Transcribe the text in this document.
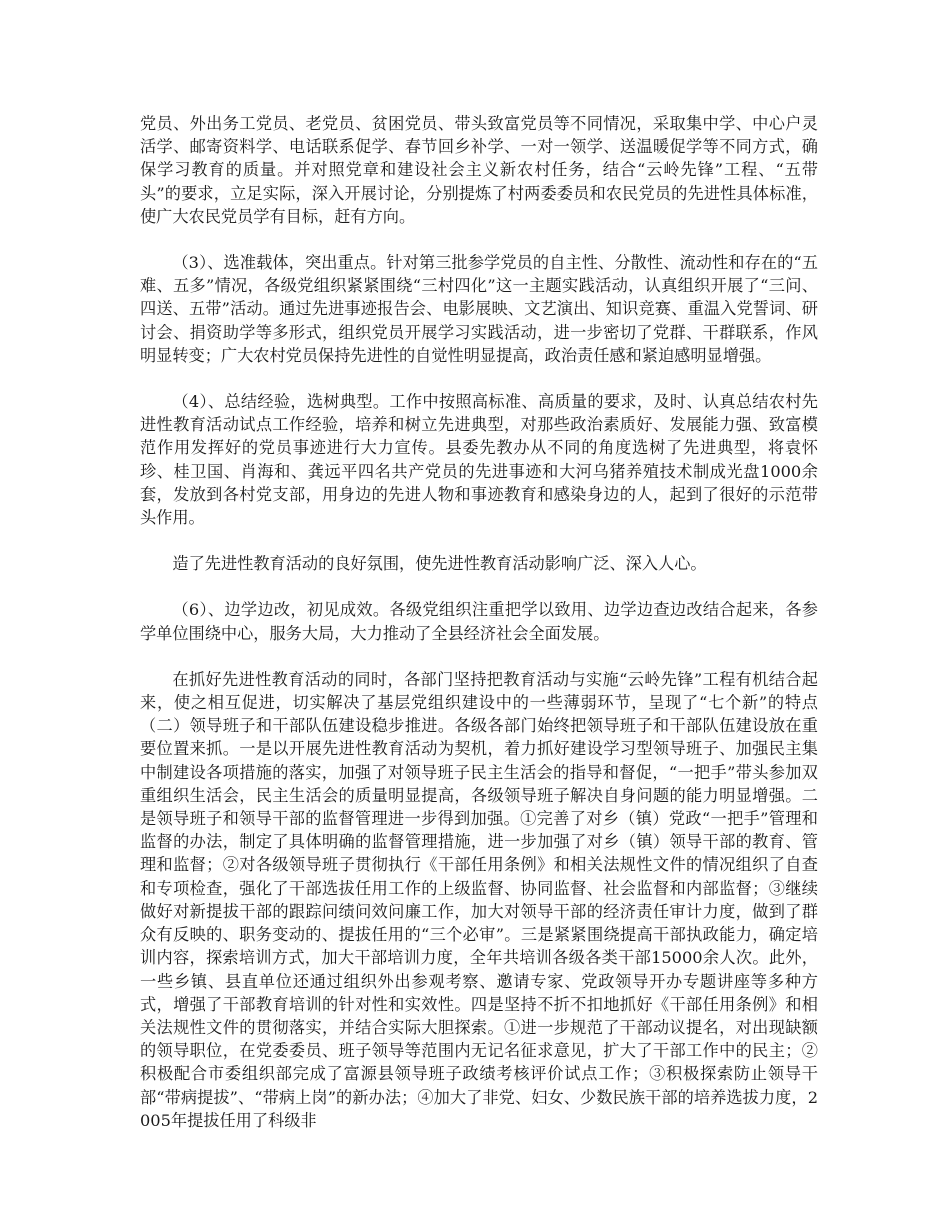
党员、外出务工党员、老党员、贫困党员、带头致富党员等不同情况，采取集中学、中心户灵活学、邮寄资料学、电话联系促学、春节回乡补学、一对一领学、送温暖促学等不同方式，确保学习教育的质量。并对照党章和建设社会主义新农村任务，结合“云岭先锋”工程、“五带头”的要求，立足实际，深入开展讨论，分别提炼了村两委委员和农民党员的先进性具体标准，使广大农民党员学有目标，赶有方向。

（3）、选准载体，突出重点。针对第三批参学党员的自主性、分散性、流动性和存在的“五难、五多”情况，各级党组织紧紧围绕“三村四化”这一主题实践活动，认真组织开展了“三问、四送、五带”活动。通过先进事迹报告会、电影展映、文艺演出、知识竞赛、重温入党誓词、研讨会、捐资助学等多形式，组织党员开展学习实践活动，进一步密切了党群、干群联系，作风明显转变；广大农村党员保持先进性的自觉性明显提高，政治责任感和紧迫感明显增强。

（4）、总结经验，选树典型。工作中按照高标准、高质量的要求，及时、认真总结农村先进性教育活动试点工作经验，培养和树立先进典型，对那些政治素质好、发展能力强、致富模范作用发挥好的党员事迹进行大力宣传。县委先教办从不同的角度选树了先进典型，将袁怀珍、桂卫国、肖海和、龚远平四名共产党员的先进事迹和大河乌猪养殖技术制成光盘1000余套，发放到各村党支部，用身边的先进人物和事迹教育和感染身边的人，起到了很好的示范带头作用。

造了先进性教育活动的良好氛围，使先进性教育活动影响广泛、深入人心。

（6）、边学边改，初见成效。各级党组织注重把学以致用、边学边查边改结合起来，各参学单位围绕中心，服务大局，大力推动了全县经济社会全面发展。

在抓好先进性教育活动的同时，各部门坚持把教育活动与实施“云岭先锋”工程有机结合起来，使之相互促进，切实解决了基层党组织建设中的一些薄弱环节，呈现了“七个新”的特点（二）领导班子和干部队伍建设稳步推进。各级各部门始终把领导班子和干部队伍建设放在重要位置来抓。一是以开展先进性教育活动为契机，着力抓好建设学习型领导班子、加强民主集中制建设各项措施的落实，加强了对领导班子民主生活会的指导和督促，“一把手”带头参加双重组织生活会，民主生活会的质量明显提高，各级领导班子解决自身问题的能力明显增强。二是领导班子和领导干部的监督管理进一步得到加强。①完善了对乡（镇）党政“一把手”管理和监督的办法，制定了具体明确的监督管理措施，进一步加强了对乡（镇）领导干部的教育、管理和监督；②对各级领导班子贯彻执行《干部任用条例》和相关法规性文件的情况组织了自查和专项检查，强化了干部选拔任用工作的上级监督、协同监督、社会监督和内部监督；③继续做好对新提拔干部的跟踪问绩问效问廉工作，加大对领导干部的经济责任审计力度，做到了群众有反映的、职务变动的、提拔任用的“三个必审”。三是紧紧围绕提高干部执政能力，确定培训内容，探索培训方式，加大干部培训力度，全年共培训各级各类干部15000余人次。此外，一些乡镇、县直单位还通过组织外出参观考察、邀请专家、党政领导开办专题讲座等多种方式，增强了干部教育培训的针对性和实效性。四是坚持不折不扣地抓好《干部任用条例》和相关法规性文件的贯彻落实，并结合实际大胆探索。①进一步规范了干部动议提名，对出现缺额的领导职位，在党委委员、班子领导等范围内无记名征求意见，扩大了干部工作中的民主；②积极配合市委组织部完成了富源县领导班子政绩考核评价试点工作；③积极探索防止领导干部“带病提拔”、“带病上岗”的新办法；④加大了非党、妇女、少数民族干部的培养选拔力度，2005年提拔任用了科级非
